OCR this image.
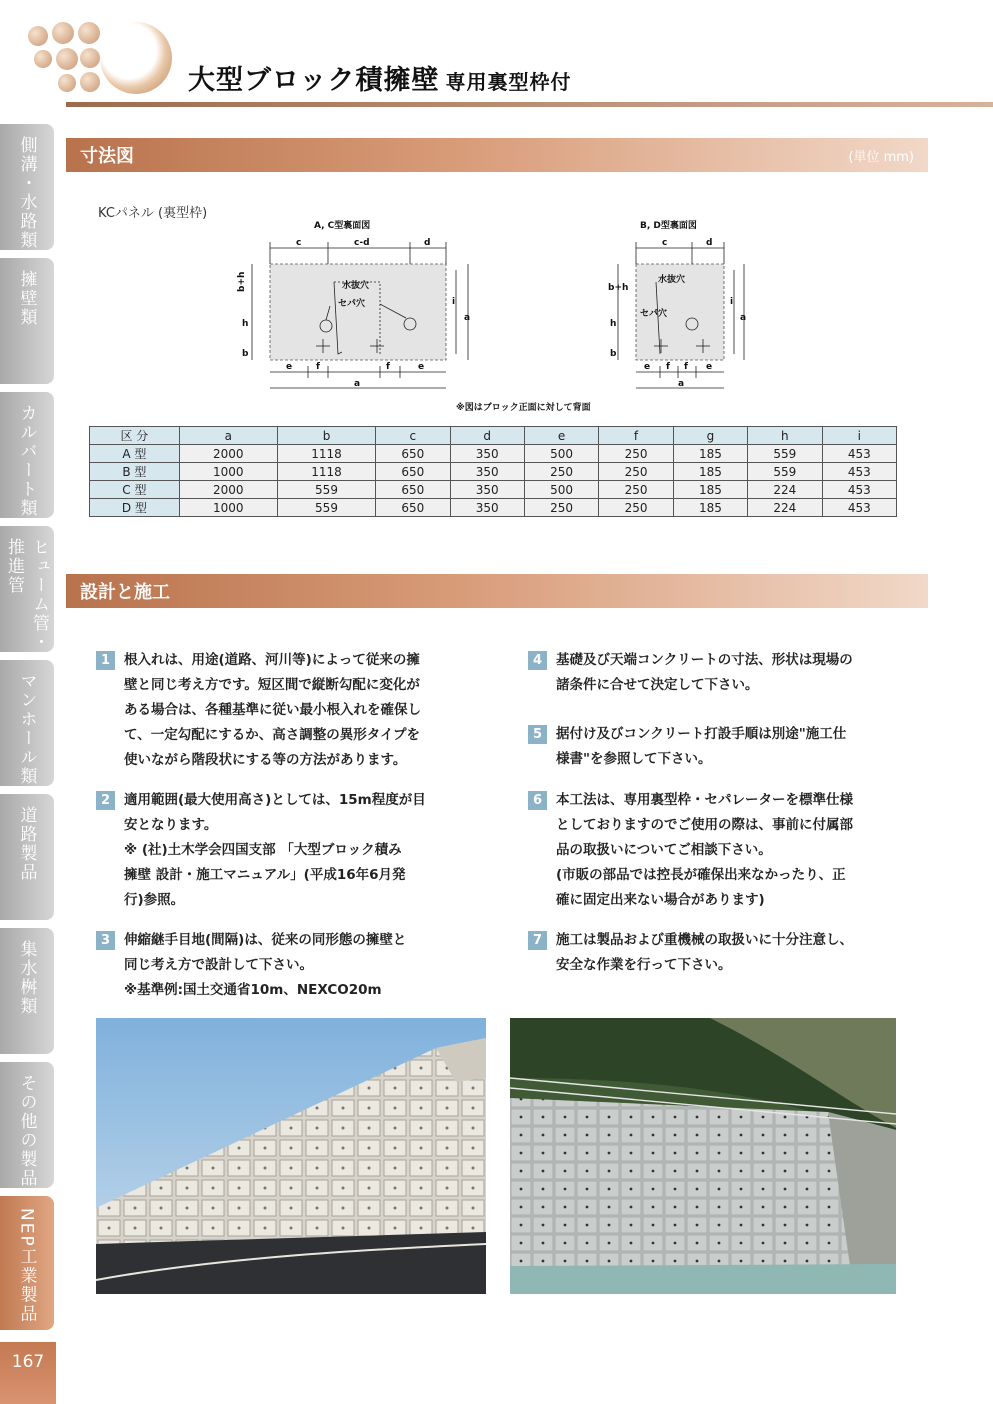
大型ブロック積擁壁 専用裏型枠付
側溝・水路類
擁壁類
カルバート類
ヒューム管・推進管
マンホール類
道路製品
集水桝類
その他の製品
NEP工業製品
167
寸法図	(単位 mm)
KCパネル (裏型枠)
A, C型裏面図
c	c-d	d
水抜穴
セパ穴
b+h
h
b
i
a
e	f	f	e
a
B, D型裏面図
c	d
水抜穴
セパ穴
b+h
h
b
i
a
e f f e
a
※図はブロック正面に対して背面
区 分	a	b	c	d	e	f	g	h	i
A 型	2000	1118	650	350	500	250	185	559	453
B 型	1000	1118	650	350	250	250	185	559	453
C 型	2000	559	650	350	500	250	185	224	453
D 型	1000	559	650	350	250	250	185	224	453
設計と施工
1	根入れは、用途(道路、河川等)によって従来の擁
壁と同じ考え方です。短区間で縦断勾配に変化が
ある場合は、各種基準に従い最小根入れを確保し
て、一定勾配にするか、高さ調整の異形タイプを
使いながら階段状にする等の方法があります。
2	適用範囲(最大使用高さ)としては、15m程度が目
安となります。
※ (社)土木学会四国支部 「大型ブロック積み
擁壁 設計・施工マニュアル」(平成16年6月発
行)参照。
3	伸縮継手目地(間隔)は、従来の同形態の擁壁と
同じ考え方で設計して下さい。
※基準例:国土交通省10m、NEXCO20m
4	基礎及び天端コンクリートの寸法、形状は現場の
諸条件に合せて決定して下さい。
5	据付け及びコンクリート打設手順は別途"施工仕
様書"を参照して下さい。
6	本工法は、専用裏型枠・セパレーターを標準仕様
としておりますのでご使用の際は、事前に付属部
品の取扱いについてご相談下さい。
(市販の部品では控長が確保出来なかったり、正
確に固定出来ない場合があります)
7	施工は製品および重機械の取扱いに十分注意し、
安全な作業を行って下さい。
